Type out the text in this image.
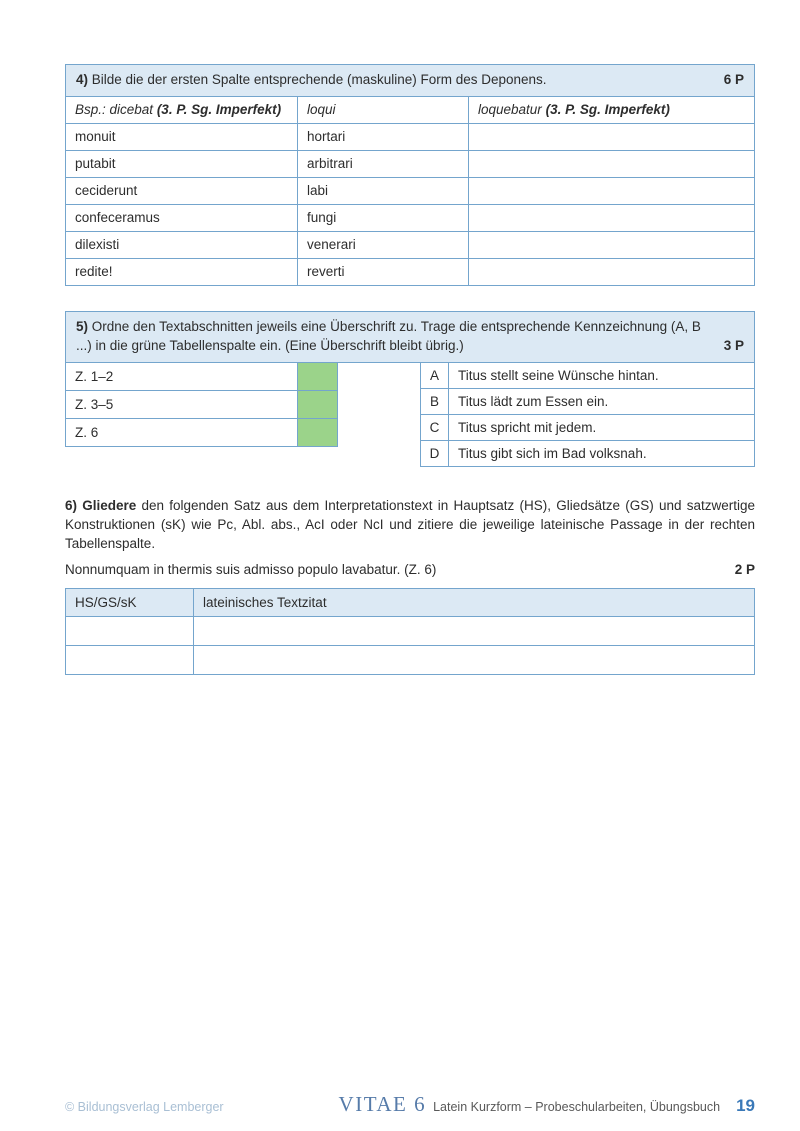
4) Bilde die der ersten Spalte entsprechende (maskuline) Form des Deponens.	6 P
Bsp.: dicebat (3. P. Sg. Imperfekt)	loqui	loquebatur (3. P. Sg. Imperfekt)
monuit	hortari	
putabit	arbitrari	
ceciderunt	labi	
confeceramus	fungi	
dilexisti	venerari	
redite!	reverti	
5) Ordne den Textabschnitten jeweils eine Überschrift zu. Trage die entsprechende Kennzeichnung (A, B ...) in die grüne Tabellenspalte ein. (Eine Überschrift bleibt übrig.)	3 P
Z. 1–2	
Z. 3–5	
Z. 6	
A	Titus stellt seine Wünsche hintan.
B	Titus lädt zum Essen ein.
C	Titus spricht mit jedem.
D	Titus gibt sich im Bad volksnah.

6) Gliedere den folgenden Satz aus dem Interpretationstext in Hauptsatz (HS), Gliedsätze (GS) und satzwertige Konstruktionen (sK) wie Pc, Abl. abs., AcI oder NcI und zitiere die jeweilige lateinische Passage in der rechten Tabellenspalte.

Nonnumquam in thermis suis admisso populo lavabatur. (Z. 6)	2 P
HS/GS/sK	lateinisches Textzitat

© Bildungsverlag Lemberger	VITAE 6 Latein Kurzform – Probeschularbeiten, Übungsbuch 19
